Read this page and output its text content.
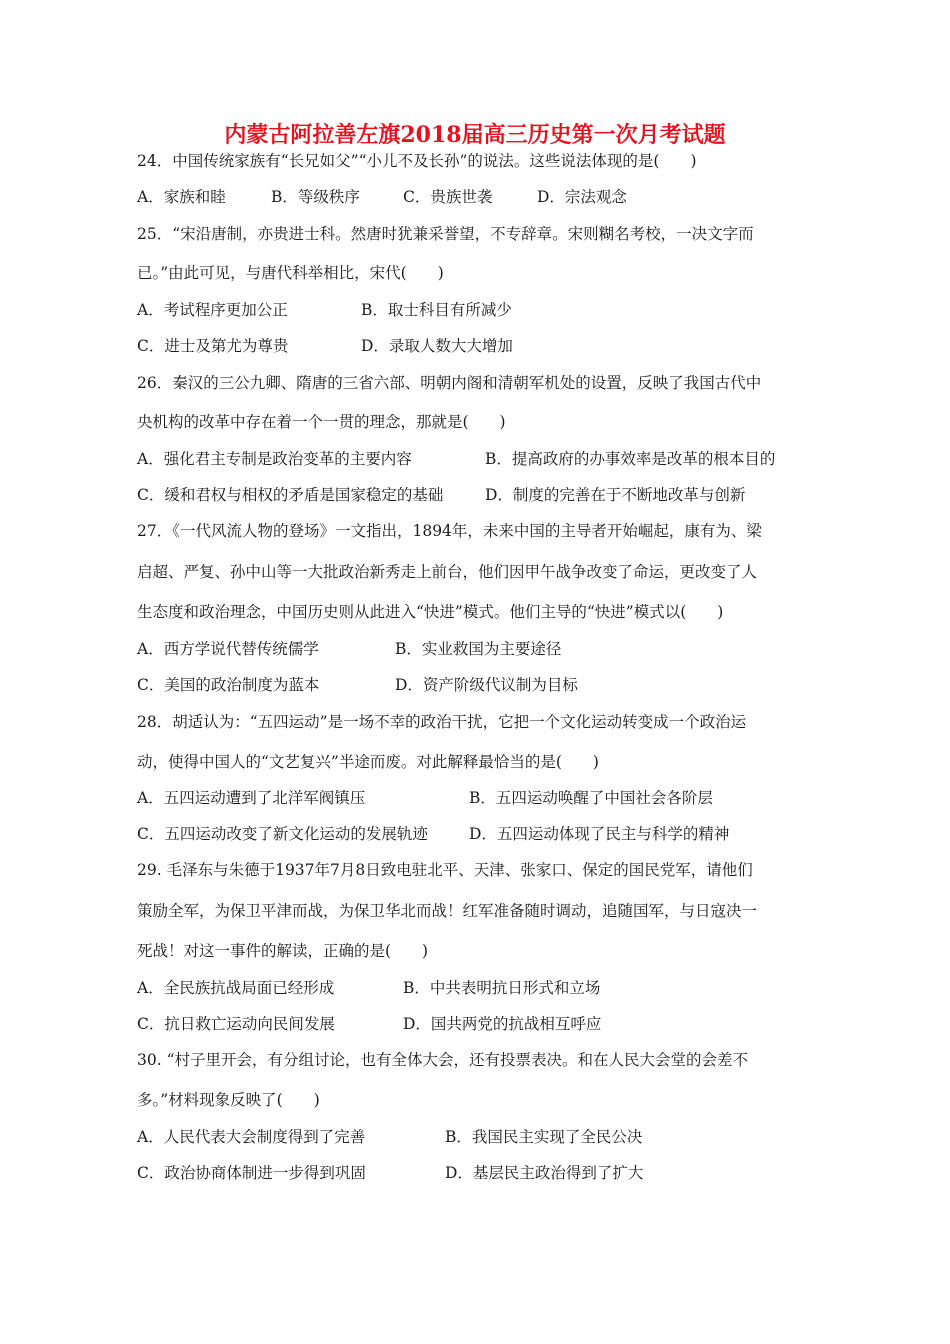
内蒙古阿拉善左旗2018届高三历史第一次月考试题
24．中国传统家族有“长兄如父”“小儿不及长孙”的说法。这些说法体现的是(　　)
A．家族和睦	B．等级秩序	C．贵族世袭	D．宗法观念
25．“宋沿唐制，亦贵进士科。然唐时犹兼采誉望，不专辞章。宋则糊名考校，一决文字而
已。”由此可见，与唐代科举相比，宋代(　　)
A．考试程序更加公正	B．取士科目有所减少
C．进士及第尤为尊贵	D．录取人数大大增加
26．秦汉的三公九卿、隋唐的三省六部、明朝内阁和清朝军机处的设置，反映了我国古代中
央机构的改革中存在着一个一贯的理念，那就是(　　)
A．强化君主专制是政治变革的主要内容	B．提高政府的办事效率是改革的根本目的
C．缓和君权与相权的矛盾是国家稳定的基础	D．制度的完善在于不断地改革与创新
27．《一代风流人物的登场》一文指出，1894年，未来中国的主导者开始崛起，康有为、梁
启超、严复、孙中山等一大批政治新秀走上前台，他们因甲午战争改变了命运，更改变了人
生态度和政治理念，中国历史则从此进入“快进”模式。他们主导的“快进”模式以(　　)
A．西方学说代替传统儒学	B．实业救国为主要途径
C．美国的政治制度为蓝本	D．资产阶级代议制为目标
28．胡适认为：“五四运动”是一场不幸的政治干扰，它把一个文化运动转变成一个政治运
动，使得中国人的“文艺复兴”半途而废。对此解释最恰当的是(　　)
A．五四运动遭到了北洋军阀镇压	B．五四运动唤醒了中国社会各阶层
C．五四运动改变了新文化运动的发展轨迹	D．五四运动体现了民主与科学的精神
29. 毛泽东与朱德于1937年7月8日致电驻北平、天津、张家口、保定的国民党军，请他们
策励全军，为保卫平津而战，为保卫华北而战！红军准备随时调动，追随国军，与日寇决一
死战！对这一事件的解读，正确的是(　　)
A．全民族抗战局面已经形成	B．中共表明抗日形式和立场
C．抗日救亡运动向民间发展	D．国共两党的抗战相互呼应
30. “村子里开会，有分组讨论，也有全体大会，还有投票表决。和在人民大会堂的会差不
多。”材料现象反映了(　　)
A．人民代表大会制度得到了完善	B．我国民主实现了全民公决
C．政治协商体制进一步得到巩固	D．基层民主政治得到了扩大
